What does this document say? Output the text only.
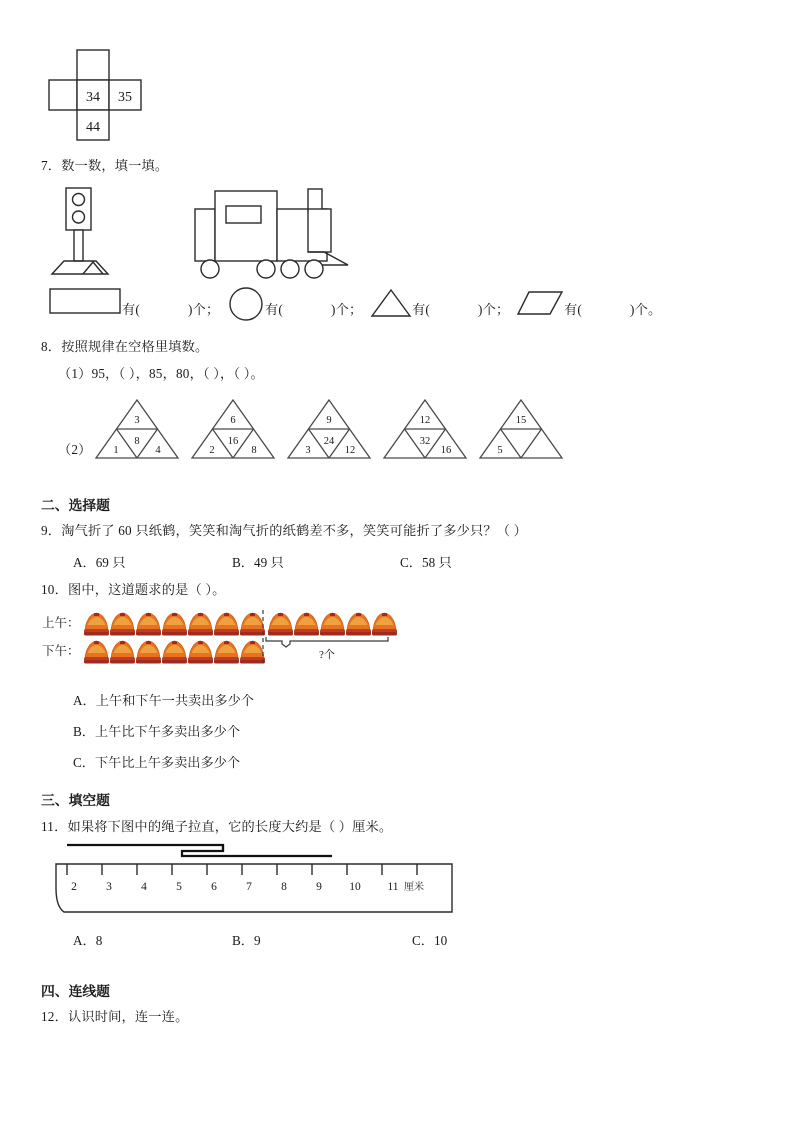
34 35
44
7．数一数，填一填。
有(	)个；	有(	)个；	有(	)个；	有(	)个。
8．按照规律在空格里填数。
（1）95，（ ），85，80，（ ），（ ）。
（2）
3
1
8
4
6
2
16
8
9
3
24
12
12
32
16
15
5
二、选择题
9．淘气折了 60 只纸鹤，笑笑和淘气折的纸鹤差不多，笑笑可能折了多少只？（ ）
A．69 只	B．49 只	C．58 只
10．图中，这道题求的是（ ）。
上午：
下午：	?个
A．上午和下午一共卖出多少个
B．上午比下午多卖出多少个
C．下午比上午多卖出多少个
三、填空题
11．如果将下图中的绳子拉直，它的长度大约是（ ）厘米。
2	3	4	5	6	7	8	9 10 11 厘米
A．8	B．9	C．10
四、连线题
12．认识时间，连一连。
